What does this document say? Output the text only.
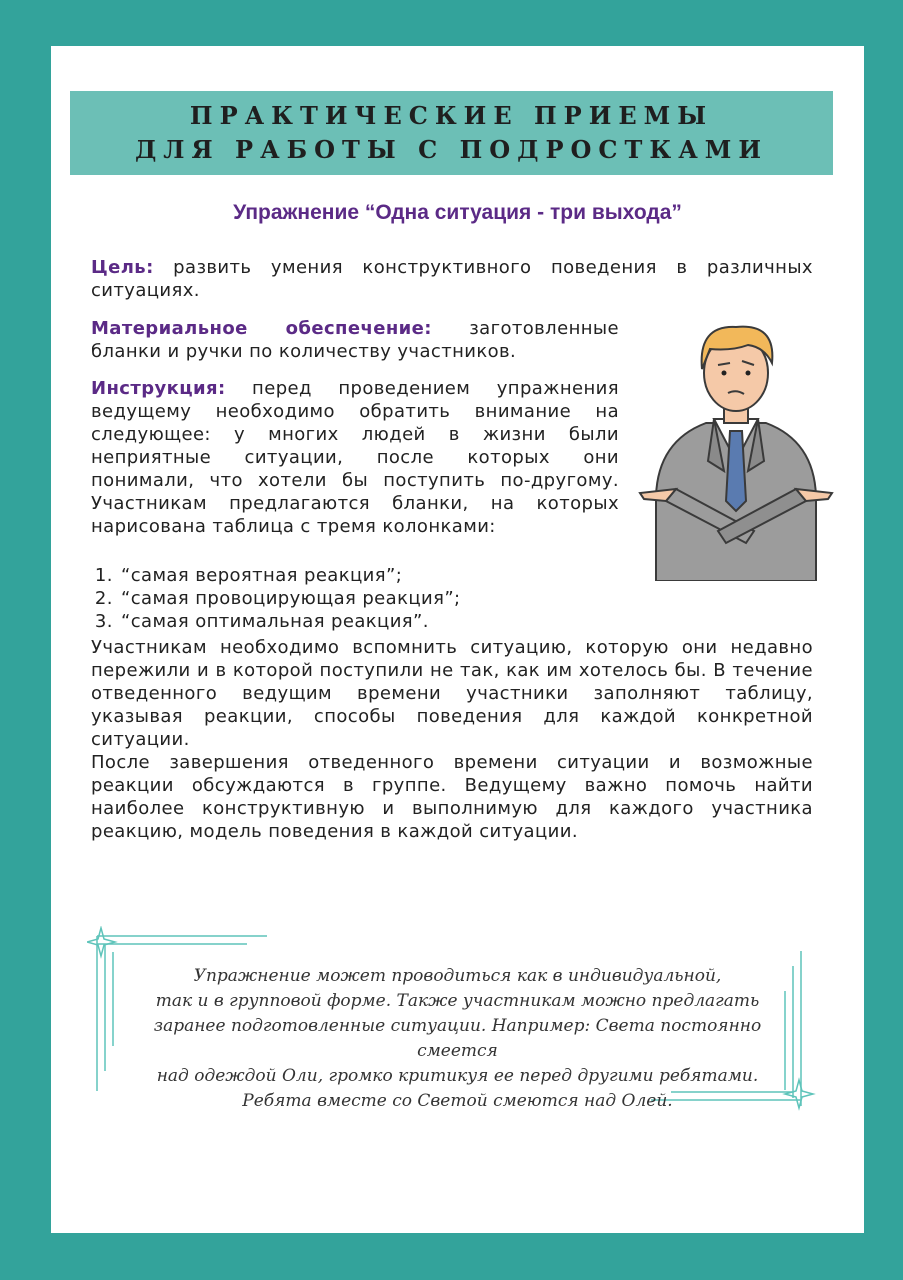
ПРАКТИЧЕСКИЕ ПРИЕМЫ
ДЛЯ РАБОТЫ С ПОДРОСТКАМИ
Упражнение “Одна ситуация - три выхода”
Цель: развить умения конструктивного поведения в различных ситуациях.
Материальное обеспечение: заготовленные бланки и ручки по количеству участников.
Инструкция: перед проведением упражнения ведущему необходимо обратить внимание на следующее: у многих людей в жизни были неприятные ситуации, после которых они понимали, что хотели бы поступить по-другому. Участникам предлагаются бланки, на которых нарисована таблица с тремя колонками:
1. “самая вероятная реакция”;
2. “самая провоцирующая реакция”;
3. “самая оптимальная реакция”.
Участникам необходимо вспомнить ситуацию, которую они недавно пережили и в которой поступили не так, как им хотелось бы. В течение отведенного ведущим времени участники заполняют таблицу, указывая реакции, способы поведения для каждой конкретной ситуации.
После завершения отведенного времени ситуации и возможные реакции обсуждаются в группе. Ведущему важно помочь найти наиболее конструктивную и выполнимую для каждого участника реакцию, модель поведения в каждой ситуации.
Упражнение может проводиться как в индивидуальной,
так и в групповой форме. Также участникам можно предлагать
заранее подготовленные ситуации. Например: Света постоянно смеется
над одеждой Оли, громко критикуя ее перед другими ребятами.
Ребята вместе со Светой смеются над Олей.
